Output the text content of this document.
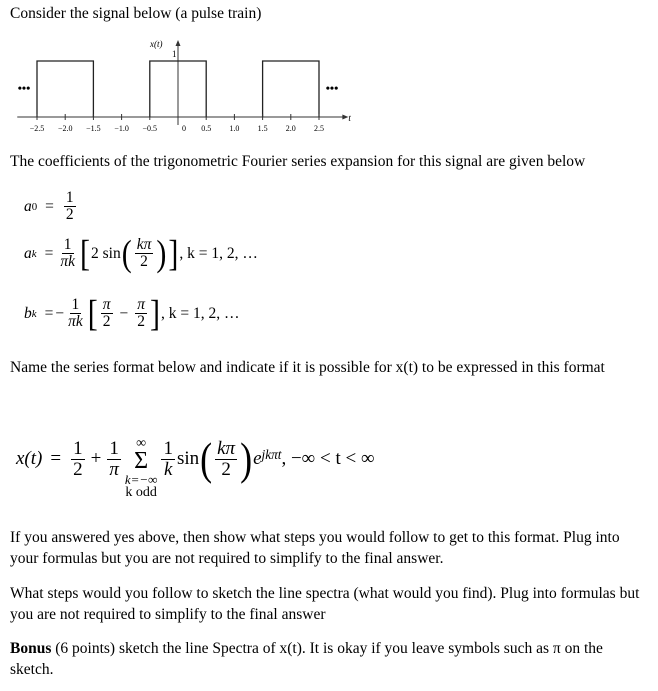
Consider the signal below (a pulse train)
x(t)
1
t
−2.5 −2.0 −1.5 −1.0 −0.5	0 0.5 1.0 1.5 2.0 2.5
•••	•••
The coefficients of the trigonometric Fourier series expansion for this signal are given below
a $0 = \frac{1}{2}$
a $k = \frac{1}{\pi k}$ [ 2 sin ( $\frac{k\pi}{2}$ ) ] , k = 1, 2, …
b k = − $\frac{1}{\pi k}$ [ $\frac{\pi}{2} - \frac{\pi}{2}$ ] , k = 1, 2, …
Name the series format below and indicate if it is possible for x(t) to be expressed in this format
$x(t) = \frac{1}{2} + \frac{1}{\pi}$ ∞
Σ
k=−∞
k odd
$\frac{1}{k}$ sin ( $\frac{k\pi}{2}$ ) $e^{jk\pi t}$ , −∞ < t < ∞
If you answered yes above, then show what steps you would follow to get to this format. Plug into your formulas but you are not required to simplify to the final answer.
What steps would you follow to sketch the line spectra (what would you find). Plug into formulas but you are not required to simplify to the final answer
Bonus (6 points) sketch the line Spectra of x(t). It is okay if you leave symbols such as π on the sketch.
